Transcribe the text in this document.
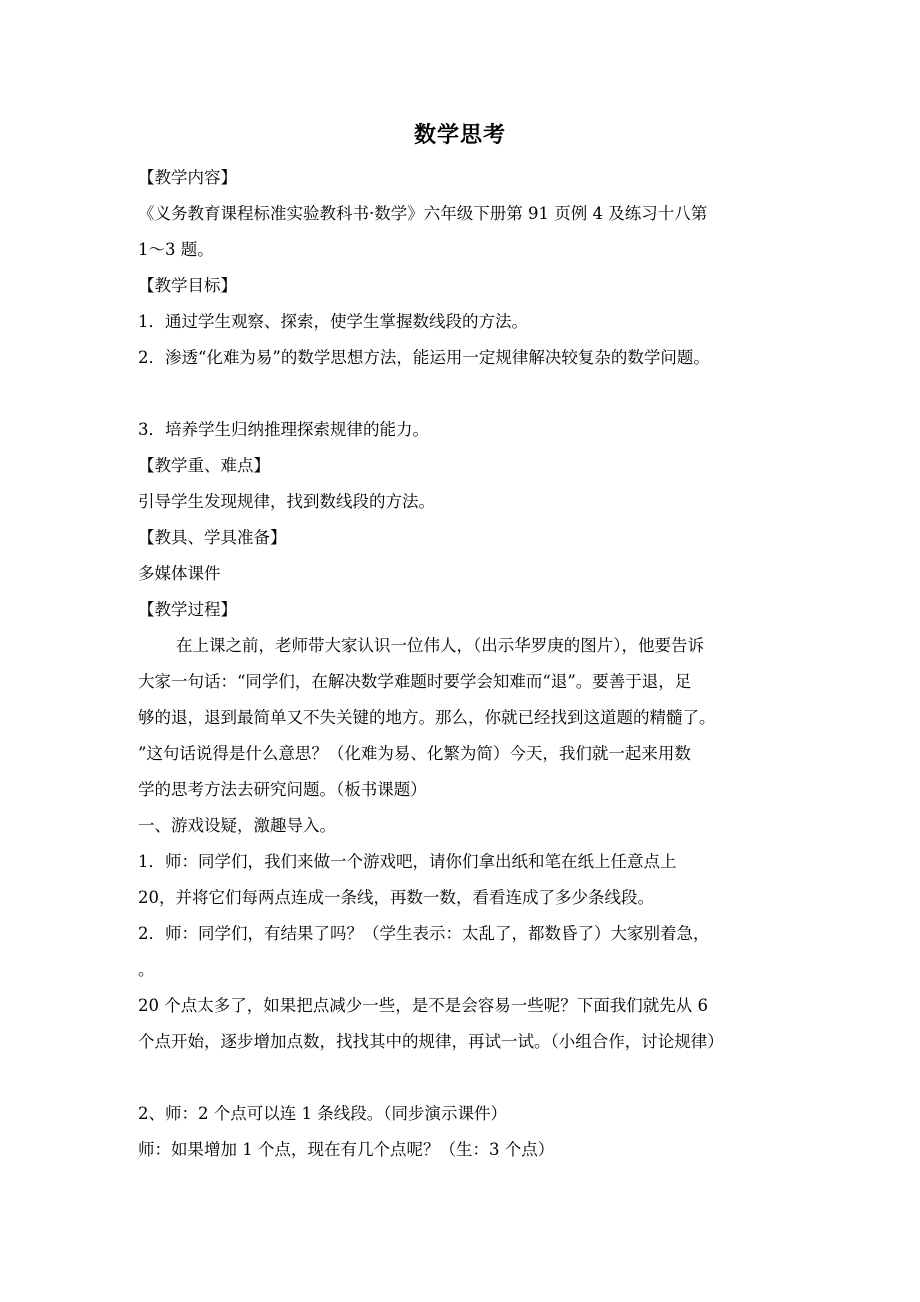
数学思考
【教学内容】
《义务教育课程标准实验教科书·数学》六年级下册第 91 页例 4 及练习十八第
1～3 题。
【教学目标】
1．通过学生观察、探索，使学生掌握数线段的方法。
2．渗透“化难为易”的数学思想方法，能运用一定规律解决较复杂的数学问题。
3．培养学生归纳推理探索规律的能力。
【教学重、难点】
引导学生发现规律，找到数线段的方法。
【教具、学具准备】
多媒体课件
【教学过程】
在上课之前，老师带大家认识一位伟人，（出示华罗庚的图片），他要告诉
大家一句话：“同学们，在解决数学难题时要学会知难而“退”。要善于退，足
够的退，退到最简单又不失关键的地方。那么，你就已经找到这道题的精髓了。
”这句话说得是什么意思？（化难为易、化繁为简）今天，我们就一起来用数
学的思考方法去研究问题。（板书课题）
一、游戏设疑，激趣导入。
1．师：同学们，我们来做一个游戏吧，请你们拿出纸和笔在纸上任意点上
20，并将它们每两点连成一条线，再数一数，看看连成了多少条线段。
2．师：同学们，有结果了吗？（学生表示：太乱了，都数昏了）大家别着急，
。
20 个点太多了，如果把点减少一些，是不是会容易一些呢？下面我们就先从 6
个点开始，逐步增加点数，找找其中的规律，再试一试。（小组合作，讨论规律）
2、师：2 个点可以连 1 条线段。（同步演示课件）
师：如果增加 1 个点，现在有几个点呢？（生：3 个点）
